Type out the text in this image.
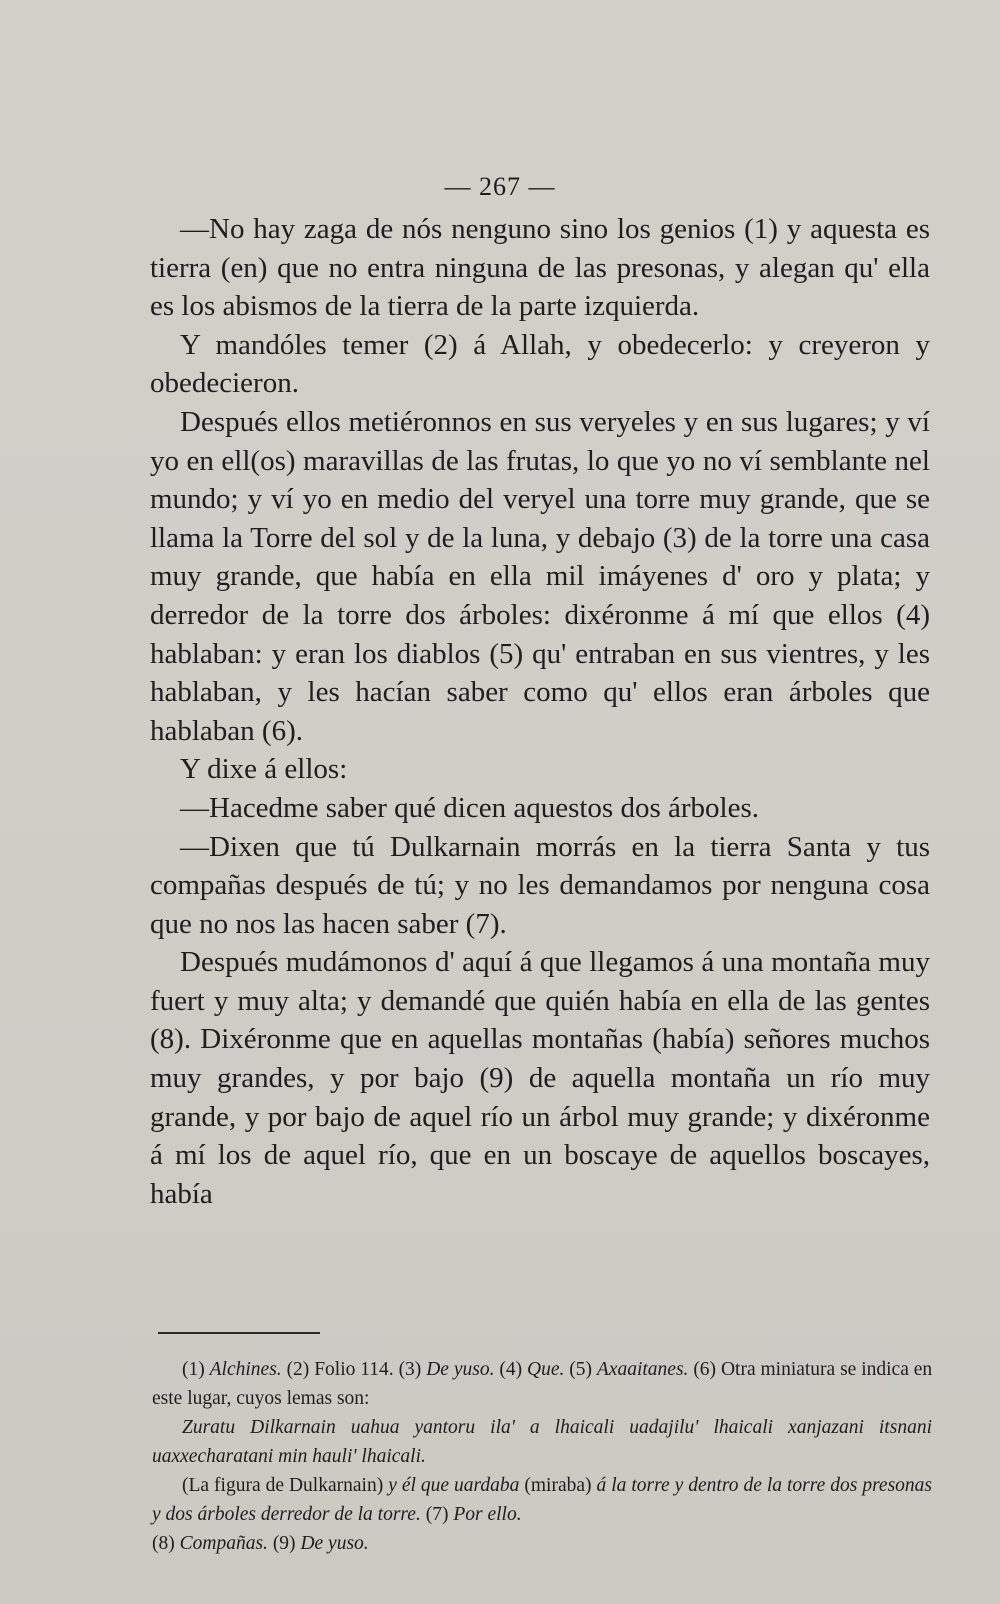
— 267 —

—No hay zaga de nós nenguno sino los genios (1) y aquesta es tierra (en) que no entra ninguna de las presonas, y alegan qu' ella es los abismos de la tierra de la parte izquierda.

Y mandóles temer (2) á Allah, y obedecerlo: y creyeron y obedecieron.

Después ellos metiéronnos en sus veryeles y en sus lugares; y ví yo en ell(os) maravillas de las frutas, lo que yo no ví semblante nel mundo; y ví yo en medio del veryel una torre muy grande, que se llama la Torre del sol y de la luna, y debajo (3) de la torre una casa muy grande, que había en ella mil imáyenes d' oro y plata; y derredor de la torre dos árboles: dixéronme á mí que ellos (4) hablaban: y eran los diablos (5) qu' entraban en sus vientres, y les hablaban, y les hacían saber como qu' ellos eran árboles que hablaban (6).

Y dixe á ellos:

—Hacedme saber qué dicen aquestos dos árboles.

—Dixen que tú Dulkarnain morrás en la tierra Santa y tus compañas después de tú; y no les demandamos por nenguna cosa que no nos las hacen saber (7).

Después mudámonos d' aquí á que llegamos á una montaña muy fuert y muy alta; y demandé que quién había en ella de las gentes (8). Dixéronme que en aquellas montañas (había) señores muchos muy grandes, y por bajo (9) de aquella montaña un río muy grande, y por bajo de aquel río un árbol muy grande; y dixéronme á mí los de aquel río, que en un boscaye de aquellos boscayes, había

(1) Alchines. (2) Folio 114. (3) De yuso. (4) Que. (5) Axaaitanes. (6) Otra miniatura se indica en este lugar, cuyos lemas son:

Zuratu Dilkarnain uahua yantoru ila' a lhaicali uadajilu' lhaicali xanjazani itsnani uaxxecharatani min hauli' lhaicali.

(La figura de Dulkarnain) y él que uardaba (miraba) á la torre y dentro de la torre dos presonas y dos árboles derredor de la torre. (7) Por ello.

(8) Compañas. (9) De yuso.
